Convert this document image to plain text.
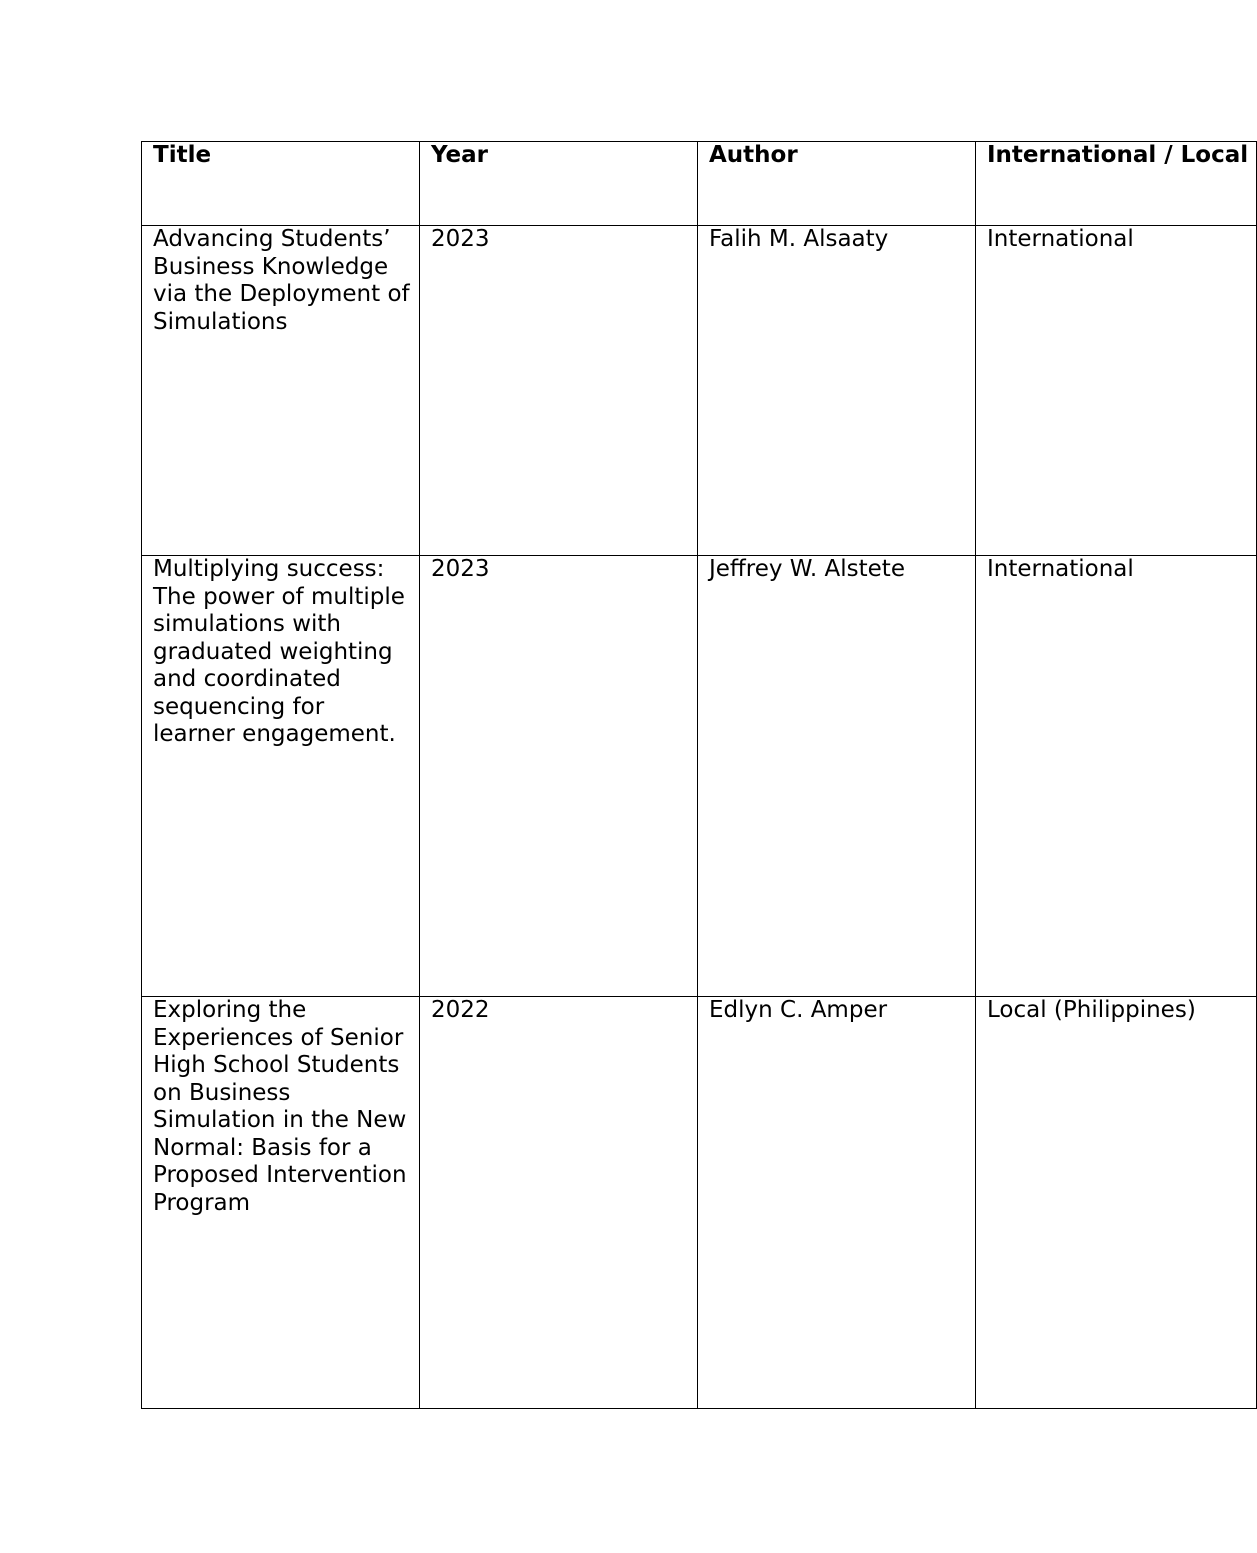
Title	Year	Author	International / Local
Advancing Students’ Business Knowledge via the Deployment of Simulations	2023	Falih M. Alsaaty	International
Multiplying success: The power of multiple simulations with graduated weighting and coordinated sequencing for learner engagement.	2023	Jeffrey W. Alstete	International
Exploring the Experiences of Senior High School Students on Business Simulation in the New Normal: Basis for a Proposed Intervention Program	2022	Edlyn C. Amper	Local (Philippines)
